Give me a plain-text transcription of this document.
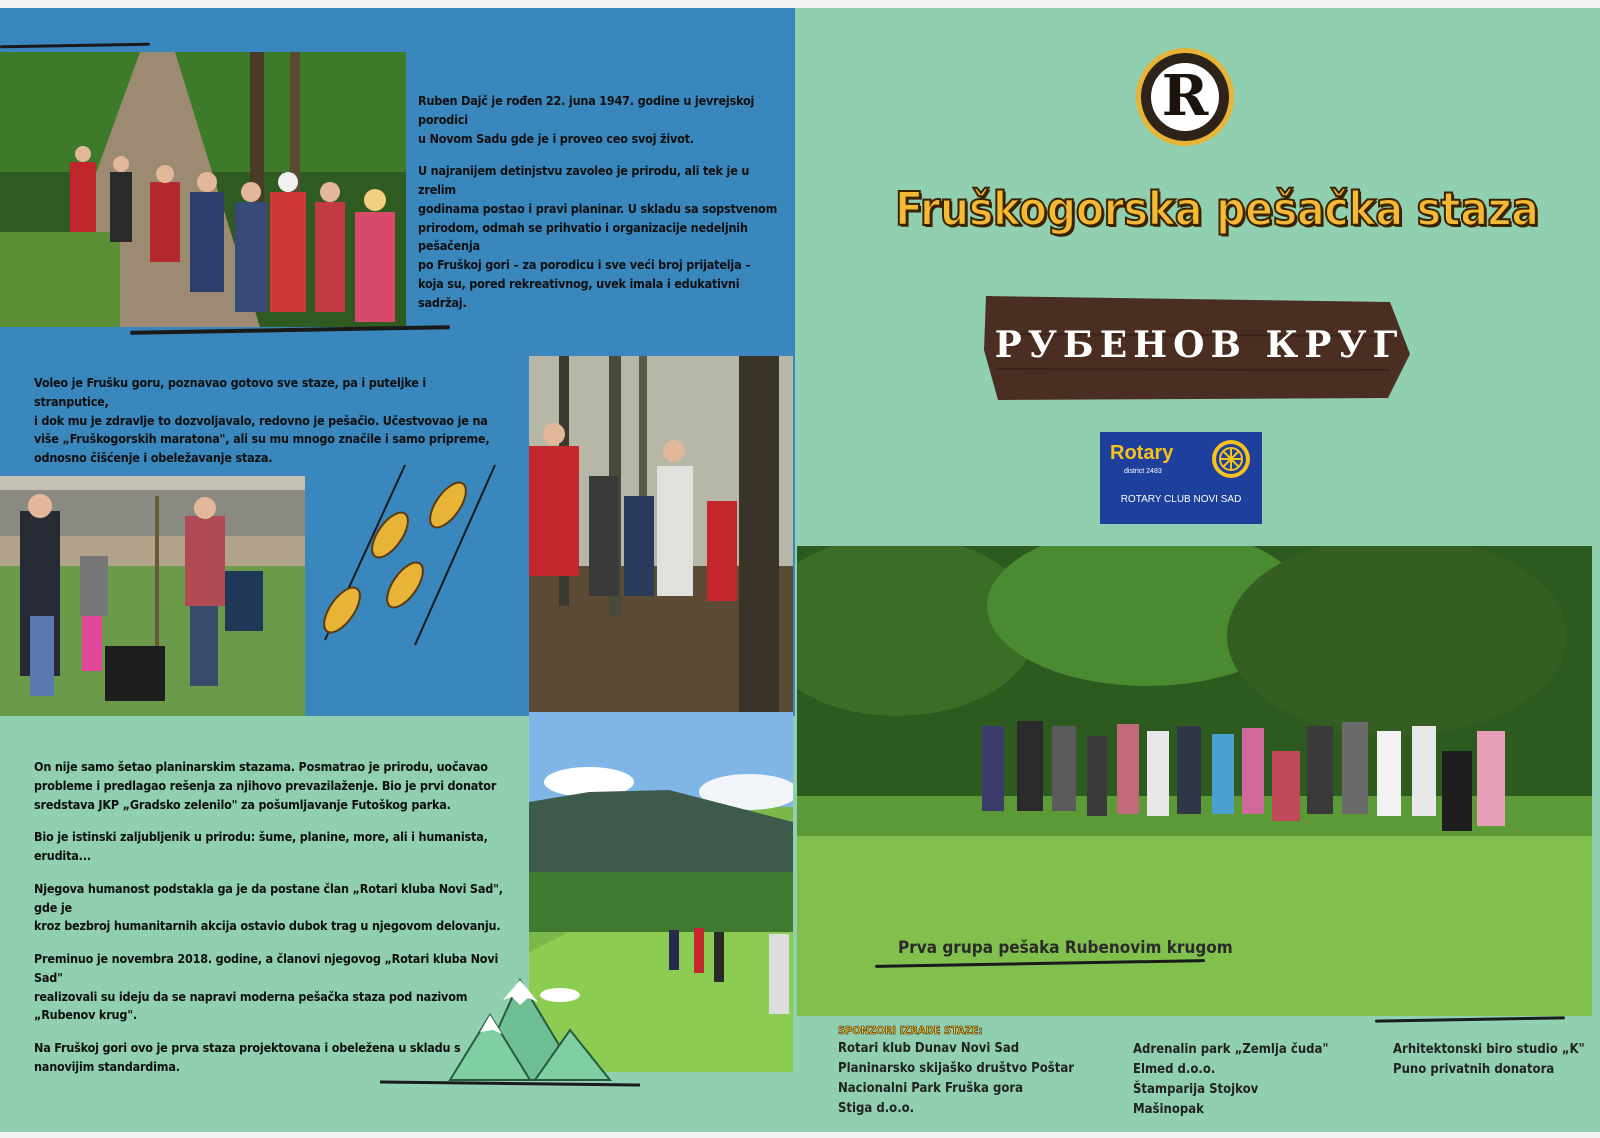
Ruben Dajč je rođen 22. juna 1947. godine u jevrejskoj porodici
u Novom Sadu gde je i proveo ceo svoj život.

U najranijem detinjstvu zavoleo je prirodu, ali tek je u zrelim
godinama postao i pravi planinar. U skladu sa sopstvenom
prirodom, odmah se prihvatio i organizacije nedeljnih pešačenja
po Fruškoj gori – za porodicu i sve veći broj prijatelja –
koja su, pored rekreativnog, uvek imala i edukativni
sadržaj.

Voleo je Frušku goru, poznavao gotovo sve staze, pa i puteljke i stranputice,
i dok mu je zdravlje to dozvoljavalo, redovno je pešačio. Učestvovao je na
više „Fruškogorskih maratona", ali su mu mnogo značile i samo pripreme,
odnosno čišćenje i obeležavanje staza.

On nije samo šetao planinarskim stazama. Posmatrao je prirodu, uočavao
probleme i predlagao rešenja za njihovo prevazilaženje. Bio je prvi donator
sredstava JKP „Gradsko zelenilo" za pošumljavanje Futoškog parka.

Bio je istinski zaljubljenik u prirodu: šume, planine, more, ali i humanista, erudita...

Njegova humanost podstakla ga je da postane član „Rotari kluba Novi Sad", gde je
kroz bezbroj humanitarnih akcija ostavio dubok trag u njegovom delovanju.

Preminuo je novembra 2018. godine, a članovi njegovog „Rotari kluba Novi Sad"
realizovali su ideju da se napravi moderna pešačka staza pod nazivom
„Rubenov krug".

Na Fruškoj gori ovo je prva staza projektovana i obeležena u skladu s
nanovijim standardima.

R
Fruškogorska pešačka staza
РУБЕНОВ КРУГ
Rotary
district 2483
ROTARY CLUB NOVI SAD
Prva grupa pešaka Rubenovim krugom
SPONZORI IZRADE STAZE:
Rotari klub Dunav Novi Sad
Planinarsko skijaško društvo Poštar
Nacionalni Park Fruška gora
Stiga d.o.o.
Adrenalin park „Zemlja čuda"
Elmed d.o.o.
Štamparija Stojkov
Mašinopak
Arhitektonski biro studio „K"
Puno privatnih donatora
